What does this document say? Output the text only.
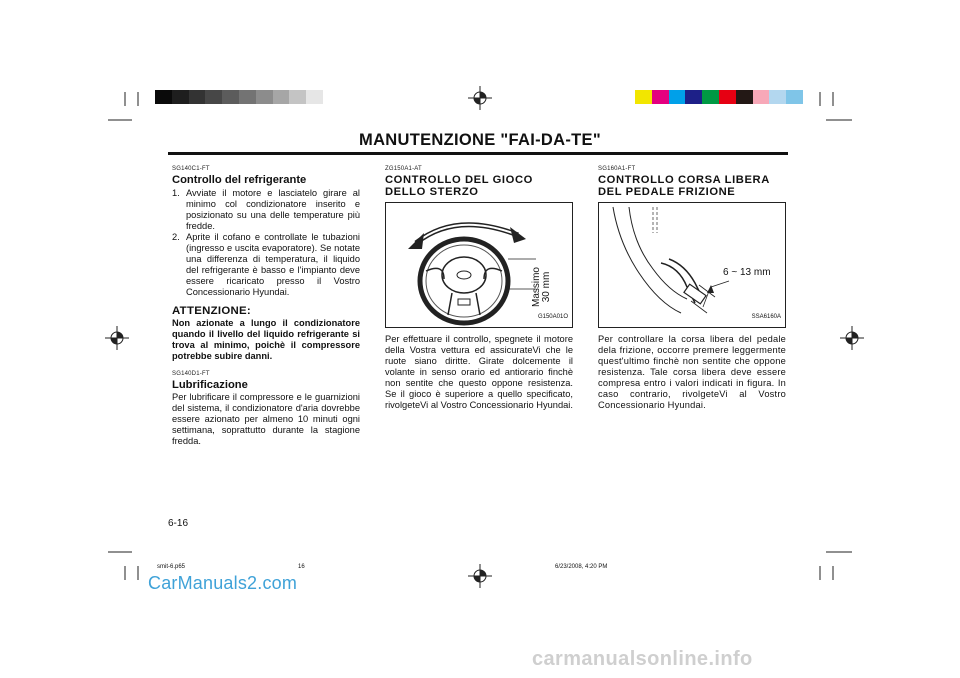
MANUTENZIONE "FAI-DA-TE"
SG140C1-FT
Controllo del refrigerante
1. Avviate il motore e lasciatelo girare al minimo col condizionatore inserito e posizionato su una delle temperature più fredde.
2. Aprite il cofano e controllate le tubazioni (ingresso e uscita evaporatore). Se notate una differenza di temperatura, il liquido del refrigerante è basso e l'impianto deve essere ricaricato presso il Vostro Concessionario Hyundai.
ATTENZIONE:
Non azionate a lungo il condizionatore quando il livello del liquido refrigerante si trova al minimo, poichè il compressore potrebbe subire danni.
SG140D1-FT
Lubrificazione
Per lubrificare il compressore e le guarnizioni del sistema, il condizionatore d'aria dovrebbe essere azionato per almeno 10 minuti ogni settimana, soprattutto durante la stagione fredda.
ZG150A1-AT
CONTROLLO DEL GIOCO DELLO STERZO
Massimo 30 mm
G150A01O
Per effettuare il controllo, spegnete il motore della Vostra vettura ed assicurateVi che le ruote siano diritte. Girate dolcemente il volante in senso orario ed antiorario finchè non sentite che questo oppone resistenza. Se il gioco è superiore a quello specificato, rivolgeteVi al Vostro Concessionario Hyundai.
SG160A1-FT
CONTROLLO CORSA LIBERA DEL PEDALE FRIZIONE
6 ~ 13 mm
SSA6160A
Per controllare la corsa libera del pedale dela frizione, occorre premere leggermente quest'ultimo finchè non sentite che oppone resistenza. Tale corsa libera deve essere compresa entro i valori indicati in figura. In caso contrario, rivolgeteVi al Vostro Concessionario Hyundai.
6-16
smit-6.p65	16	6/23/2008, 4:20 PM
CarManuals2.com
carmanualsonline.info
